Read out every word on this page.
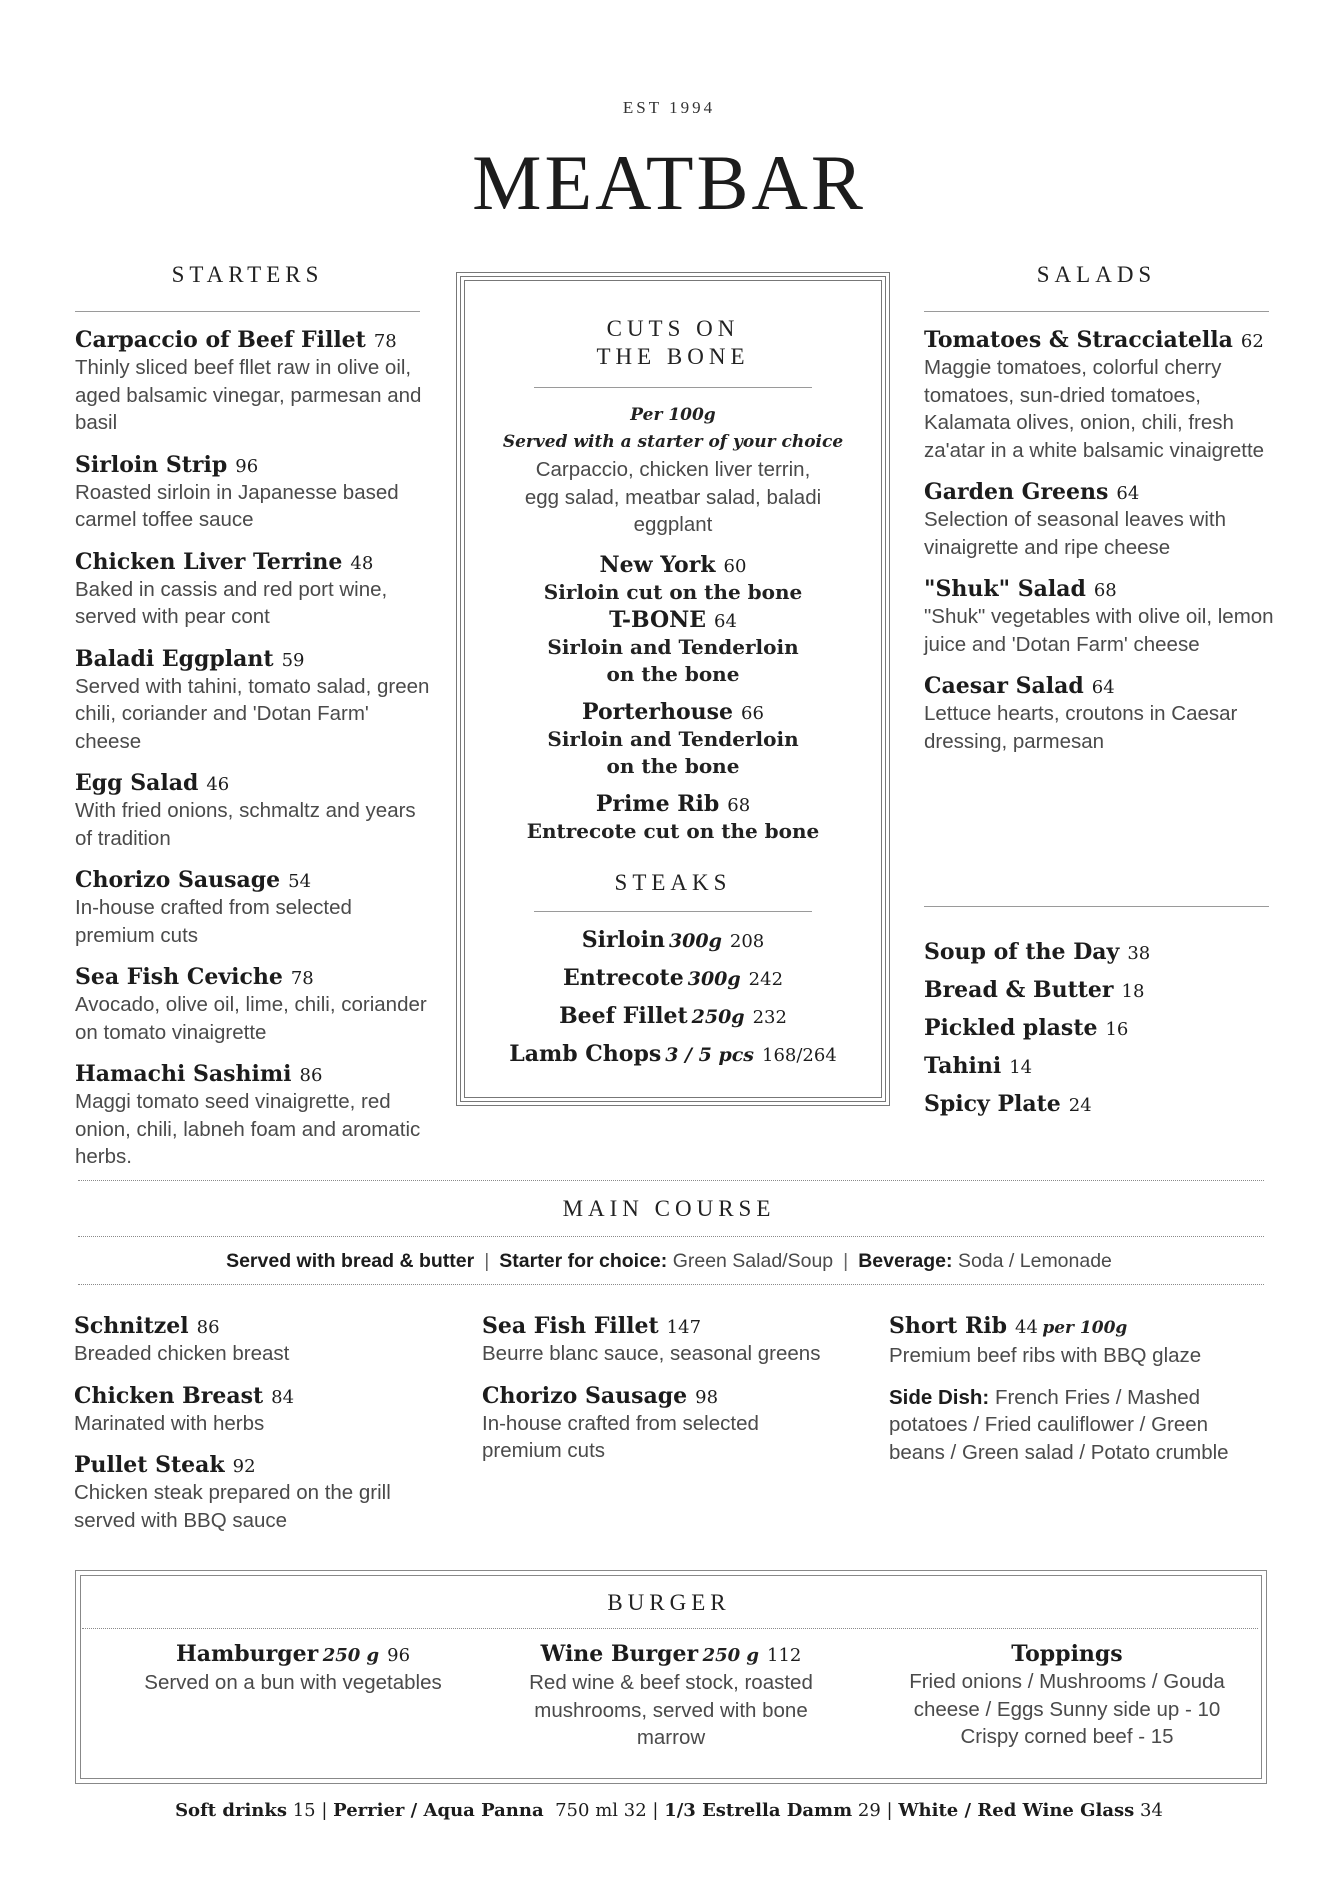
EST 1994
MEATBAR
STARTERS
Carpaccio of Beef Fillet 78
Thinly sliced beef fllet raw in olive oil, aged balsamic vinegar, parmesan and basil
Sirloin Strip 96
Roasted sirloin in Japanesse based carmel toffee sauce
Chicken Liver Terrine 48
Baked in cassis and red port wine, served with pear cont
Baladi Eggplant 59
Served with tahini, tomato salad, green chili, coriander and 'Dotan Farm' cheese
Egg Salad 46
With fried onions, schmaltz and years of tradition
Chorizo Sausage 54
In-house crafted from selected premium cuts
Sea Fish Ceviche 78
Avocado, olive oil, lime, chili, coriander on tomato vinaigrette
Hamachi Sashimi 86
Maggi tomato seed vinaigrette, red onion, chili, labneh foam and aromatic herbs.
CUTS ON
THE BONE
Per 100g
Served with a starter of your choice
Carpaccio, chicken liver terrin, egg salad, meatbar salad, baladi eggplant
New York 60
Sirloin cut on the bone
T-BONE 64
Sirloin and Tenderloin on the bone
Porterhouse 66
Sirloin and Tenderloin on the bone
Prime Rib 68
Entrecote cut on the bone
STEAKS
Sirloin 300g 208
Entrecote 300g 242
Beef Fillet 250g 232
Lamb Chops 3 / 5 pcs 168/264
SALADS
Tomatoes & Stracciatella 62
Maggie tomatoes, colorful cherry tomatoes, sun-dried tomatoes, Kalamata olives, onion, chili, fresh za'atar in a white balsamic vinaigrette
Garden Greens 64
Selection of seasonal leaves with vinaigrette and ripe cheese
"Shuk" Salad 68
"Shuk" vegetables with olive oil, lemon juice and 'Dotan Farm' cheese
Caesar Salad 64
Lettuce hearts, croutons in Caesar dressing, parmesan
Soup of the Day 38
Bread & Butter 18
Pickled plaste 16
Tahini 14
Spicy Plate 24
MAIN COURSE
Served with bread & butter | Starter for choice: Green Salad/Soup | Beverage: Soda / Lemonade
Schnitzel 86
Breaded chicken breast
Chicken Breast 84
Marinated with herbs
Pullet Steak 92
Chicken steak prepared on the grill served with BBQ sauce
Sea Fish Fillet 147
Beurre blanc sauce, seasonal greens
Chorizo Sausage 98
In-house crafted from selected premium cuts
Short Rib 44 per 100g
Premium beef ribs with BBQ glaze
Side Dish: French Fries / Mashed potatoes / Fried cauliflower / Green beans / Green salad / Potato crumble
BURGER
Hamburger 250 g 96
Served on a bun with vegetables
Wine Burger 250 g 112
Red wine & beef stock, roasted mushrooms, served with bone marrow
Toppings
Fried onions / Mushrooms / Gouda cheese / Eggs Sunny side up - 10 Crispy corned beef - 15
Soft drinks 15 | Perrier / Aqua Panna 750 ml 32 | 1/3 Estrella Damm 29 | White / Red Wine Glass 34
